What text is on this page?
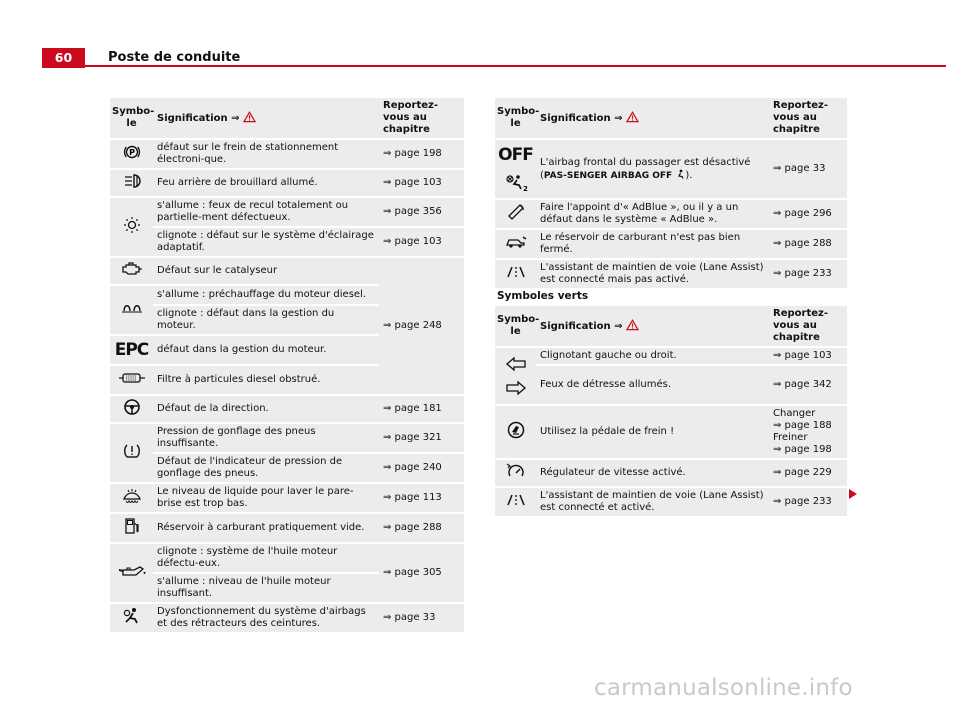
60	Poste de conduite
Symbo-
le	Signification ⇒	Reportez-vous au chapitre

P	défaut sur le frein de stationnement électroni-que.	⇒ page 198

	Feu arrière de brouillard allumé.	⇒ page 103

	s'allume : feux de recul totalement ou partielle-ment défectueux.	⇒ page 356
	clignote : défaut sur le système d'éclairage adaptatif.	⇒ page 103

	Défaut sur le catalyseur	⇒ page 248

	s'allume : préchauffage du moteur diesel.	
	clignote : défaut dans la gestion du moteur.	
EPC	défaut dans la gestion du moteur.	

	Filtre à particules diesel obstrué.	

	Défaut de la direction.	⇒ page 181

	Pression de gonflage des pneus insuffisante.	⇒ page 321
	Défaut de l'indicateur de pression de gonflage des pneus.	⇒ page 240

	Le niveau de liquide pour laver le pare-brise est trop bas.	⇒ page 113

	Réservoir à carburant pratiquement vide.	⇒ page 288

	clignote : système de l'huile moteur défectu-eux.	⇒ page 305
	s'allume : niveau de l'huile moteur insuffisant.	

	Dysfonctionnement du système d'airbags et des rétracteurs des ceintures.	⇒ page 33
Symbo-
le	Signification ⇒	Reportez-vous au chapitre

OFF
2	L'airbag frontal du passager est désactivé (PAS-SENGER AIRBAG OFF ).	⇒ page 33

	Faire l'appoint d'« AdBlue », ou il y a un défaut dans le système « AdBlue ».	⇒ page 296

	Le réservoir de carburant n'est pas bien fermé.	⇒ page 288

	L'assistant de maintien de voie (Lane Assist) est connecté mais pas activé.	⇒ page 233
Symboles verts
Symbo-
le	Signification ⇒	Reportez-vous au chapitre

	Clignotant gauche ou droit.	⇒ page 103
	Feux de détresse allumés.	⇒ page 342

	Utilisez la pédale de frein !	Changer
⇒ page 188
Freiner
⇒ page 198

	Régulateur de vitesse activé.	⇒ page 229

	L'assistant de maintien de voie (Lane Assist) est connecté et activé.	⇒ page 233
carmanualsonline.info
